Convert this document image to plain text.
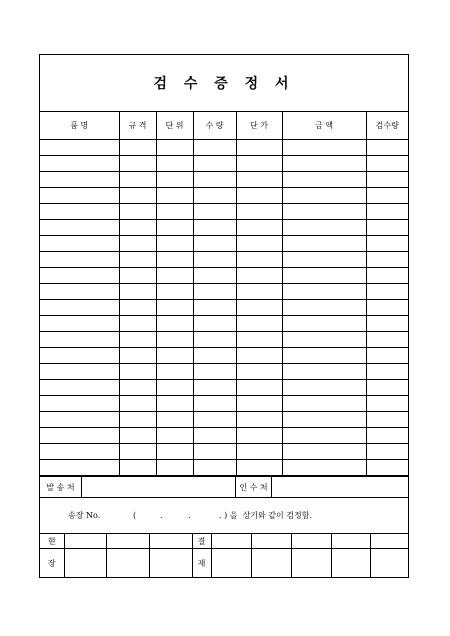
검 수 증 정 서
품 명	규 격	단 위	수 량	단 가	금 액	검수량

발 송 처	인 수 처
송장 No.	(	.	.	. ) 을  상기와 같이 검정함.
현				결					
장				재					
